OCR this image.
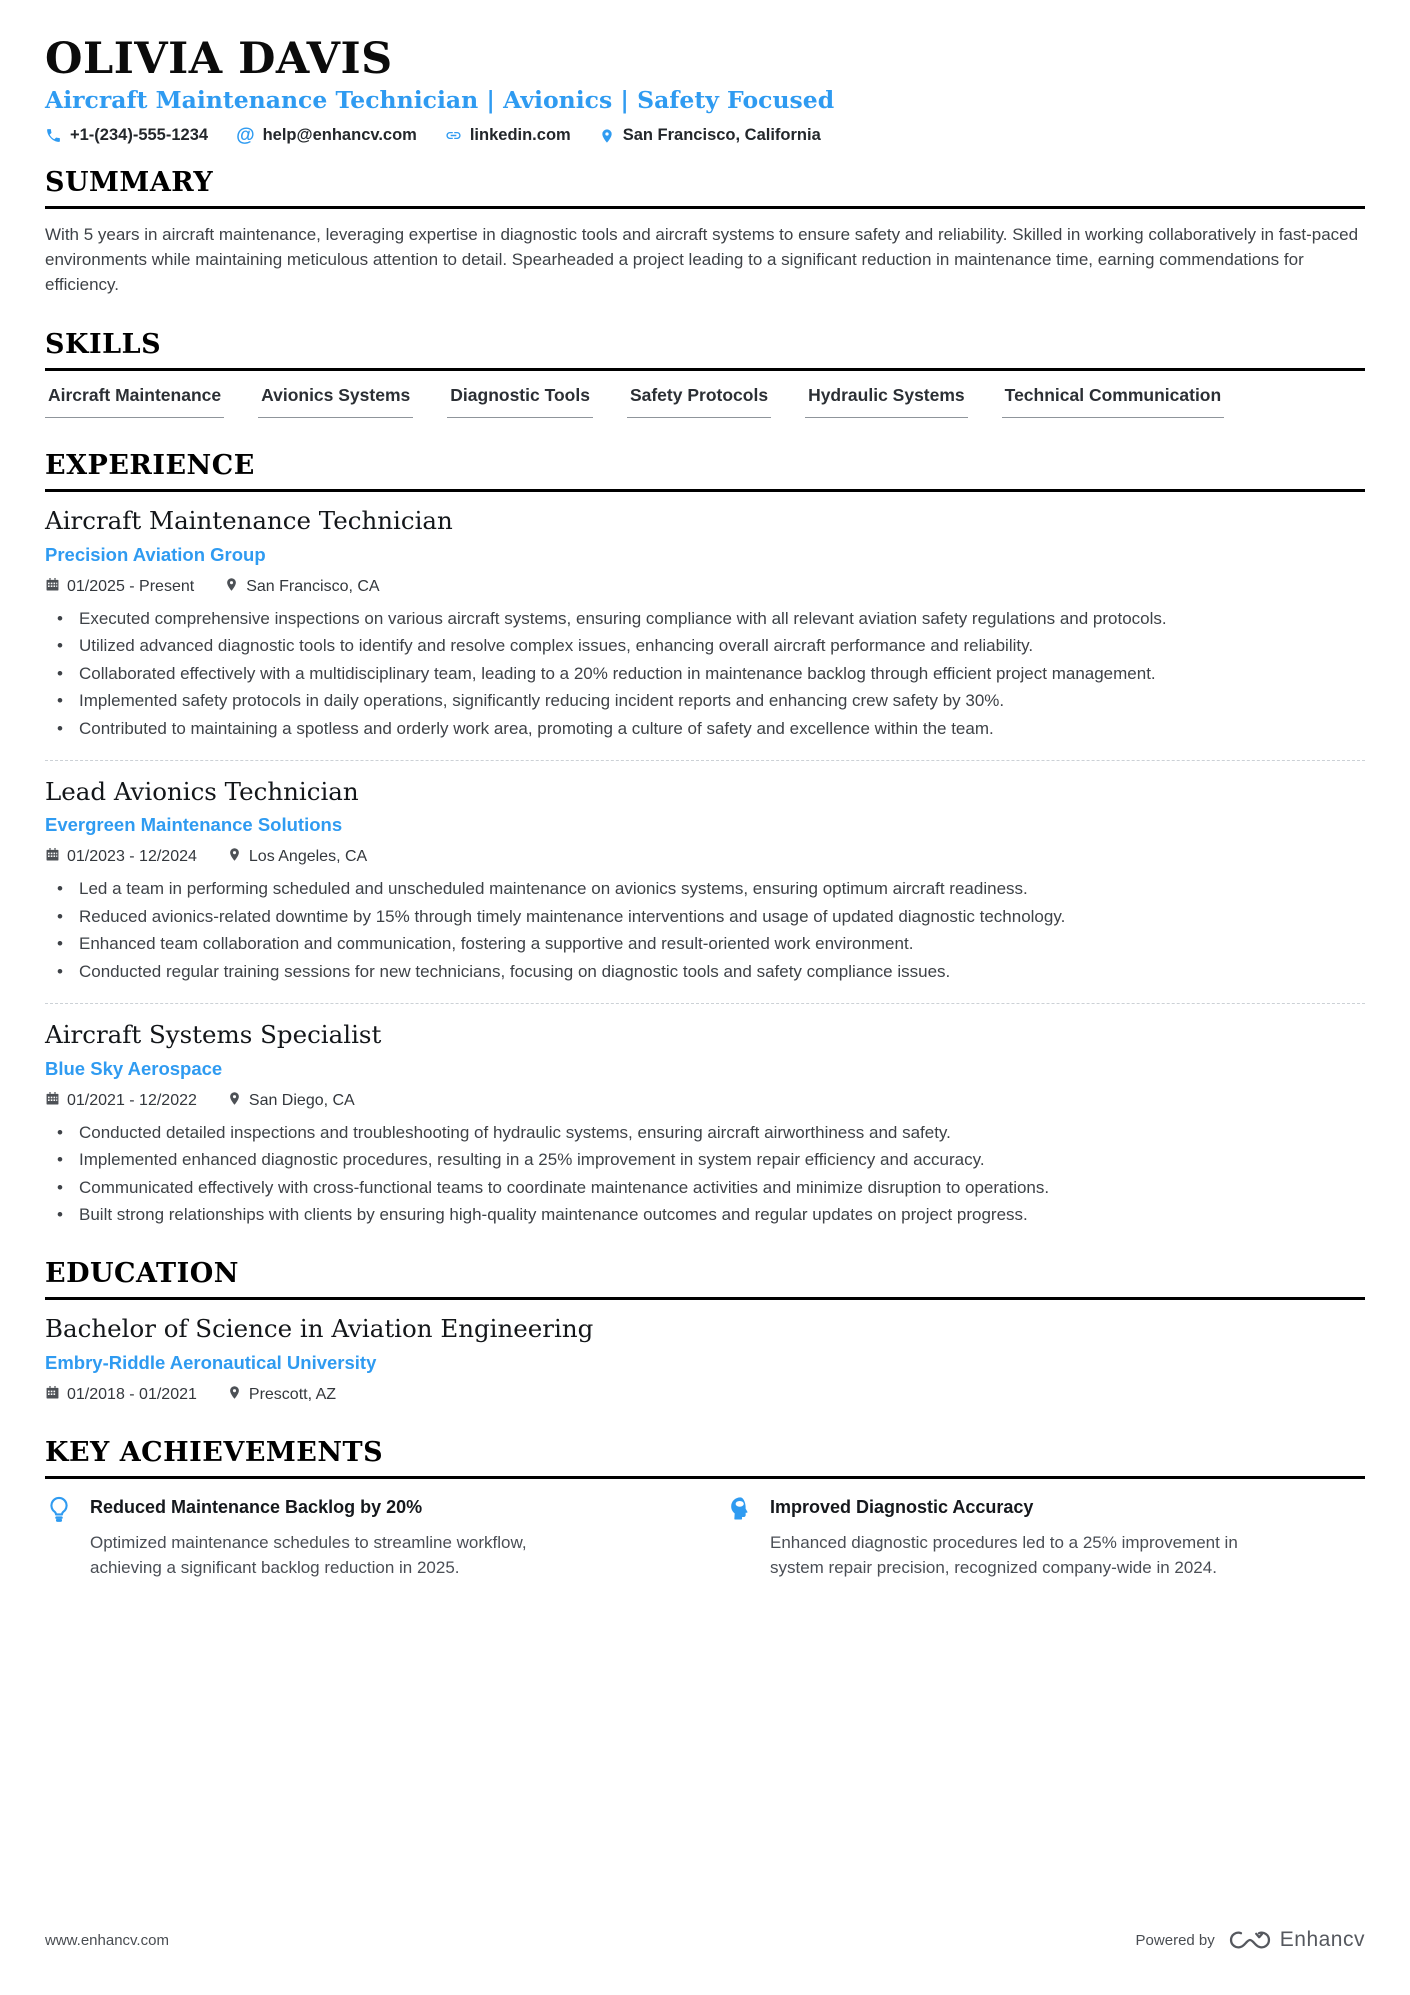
OLIVIA DAVIS
Aircraft Maintenance Technician | Avionics | Safety Focused
+1-(234)-555-1234 @ help@enhancv.com	linkedin.com	San Francisco, California
SUMMARY

With 5 years in aircraft maintenance, leveraging expertise in diagnostic tools and aircraft systems to ensure safety and reliability. Skilled in working collaboratively in fast-paced environments while maintaining meticulous attention to detail. Spearheaded a project leading to a significant reduction in maintenance time, earning commendations for efficiency.

SKILLS
Aircraft Maintenance Avionics Systems Diagnostic Tools Safety Protocols Hydraulic Systems Technical Communication
EXPERIENCE
Aircraft Maintenance Technician
Precision Aviation Group
01/2025 - Present	San Francisco, CA
• Executed comprehensive inspections on various aircraft systems, ensuring compliance with all relevant aviation safety regulations and protocols.
• Utilized advanced diagnostic tools to identify and resolve complex issues, enhancing overall aircraft performance and reliability.
• Collaborated effectively with a multidisciplinary team, leading to a 20% reduction in maintenance backlog through efficient project management.
• Implemented safety protocols in daily operations, significantly reducing incident reports and enhancing crew safety by 30%.
• Contributed to maintaining a spotless and orderly work area, promoting a culture of safety and excellence within the team.
Lead Avionics Technician
Evergreen Maintenance Solutions
01/2023 - 12/2024	Los Angeles, CA
• Led a team in performing scheduled and unscheduled maintenance on avionics systems, ensuring optimum aircraft readiness.
• Reduced avionics-related downtime by 15% through timely maintenance interventions and usage of updated diagnostic technology.
• Enhanced team collaboration and communication, fostering a supportive and result-oriented work environment.
• Conducted regular training sessions for new technicians, focusing on diagnostic tools and safety compliance issues.
Aircraft Systems Specialist
Blue Sky Aerospace
01/2021 - 12/2022	San Diego, CA
• Conducted detailed inspections and troubleshooting of hydraulic systems, ensuring aircraft airworthiness and safety.
• Implemented enhanced diagnostic procedures, resulting in a 25% improvement in system repair efficiency and accuracy.
• Communicated effectively with cross-functional teams to coordinate maintenance activities and minimize disruption to operations.
• Built strong relationships with clients by ensuring high-quality maintenance outcomes and regular updates on project progress.
EDUCATION
Bachelor of Science in Aviation Engineering
Embry-Riddle Aeronautical University
01/2018 - 01/2021	Prescott, AZ
KEY ACHIEVEMENTS
Reduced Maintenance Backlog by 20%

Optimized maintenance schedules to streamline workflow, achieving a significant backlog reduction in 2025.

Improved Diagnostic Accuracy

Enhanced diagnostic procedures led to a 25% improvement in system repair precision, recognized company-wide in 2024.

www.enhancv.com	Powered by	Enhancv
